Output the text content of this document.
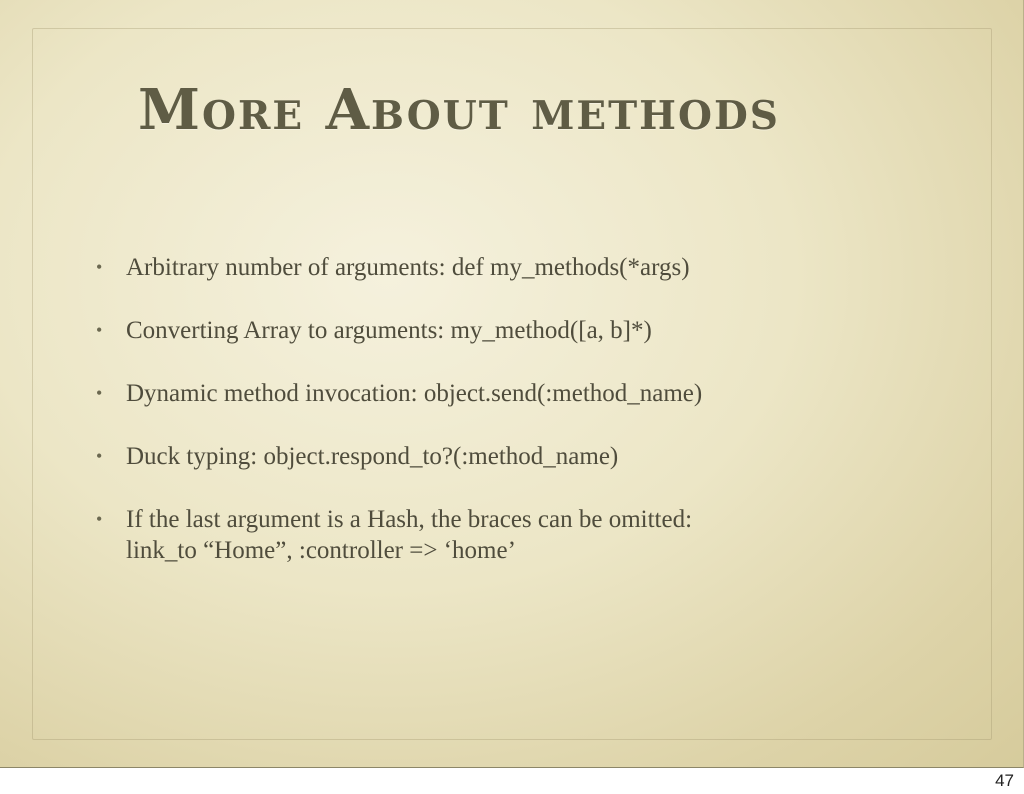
More About methods
• Arbitrary number of arguments: def my_methods(*args)
• Converting Array to arguments: my_method([a, b]*)
• Dynamic method invocation: object.send(:method_name)
• Duck typing: object.respond_to?(:method_name)
• If the last argument is a Hash, the braces can be omitted:
link_to “Home”, :controller => ‘home’
47
